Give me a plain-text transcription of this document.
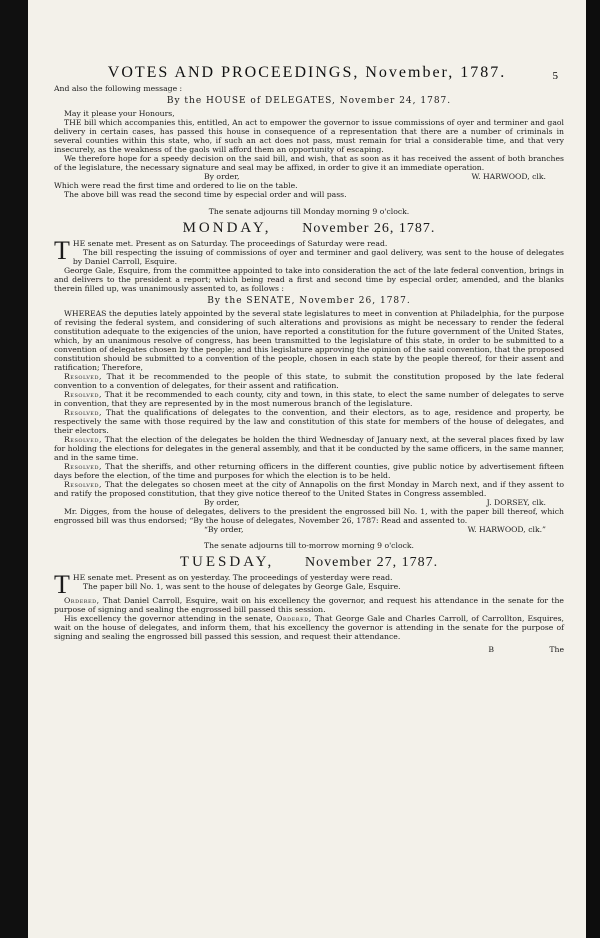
VOTES AND PROCEEDINGS, November, 1787.	5

And also the following message :

By the HOUSE of DELEGATES, November 24, 1787.

May it please your Honours,

THE bill which accompanies this, entitled, An act to empower the governor to issue commissions of oyer and terminer and gaol delivery in certain cases, has passed this house in consequence of a representation that there are a number of criminals in several counties within this state, who, if such an act does not pass, must remain for trial a considerable time, and that very insecurely, as the weakness of the gaols will afford them an opportunity of escaping.

We therefore hope for a speedy decision on the said bill, and wish, that as soon as it has received the assent of both branches of the legislature, the necessary signature and seal may be affixed, in order to give it an immediate operation.

By order,	W. HARWOOD, clk.

Which were read the first time and ordered to lie on the table.

The above bill was read the second time by especial order and will pass.

The senate adjourns till Monday morning 9 o'clock.

MONDAY, November 26, 1787.

THE senate met. Present as on Saturday. The proceedings of Saturday were read.

The bill respecting the issuing of commissions of oyer and terminer and gaol delivery, was sent to the house of delegates by Daniel Carroll, Esquire.

George Gale, Esquire, from the committee appointed to take into consideration the act of the late federal convention, brings in and delivers to the president a report; which being read a first and second time by especial order, amended, and the blanks therein filled up, was unanimously assented to, as follows :

By the SENATE, November 26, 1787.

WHEREAS the deputies lately appointed by the several state legislatures to meet in convention at Philadelphia, for the purpose of revising the federal system, and considering of such alterations and provisions as might be necessary to render the federal constitution adequate to the exigencies of the union, have reported a constitution for the future government of the United States, which, by an unanimous resolve of congress, has been transmitted to the legislature of this state, in order to be submitted to a convention of delegates chosen by the people; and this legislature approving the opinion of the said convention, that the proposed constitution should be submitted to a convention of the people, chosen in each state by the people thereof, for their assent and ratification; Therefore,

Resolved, That it be recommended to the people of this state, to submit the constitution proposed by the late federal convention to a convention of delegates, for their assent and ratification.

Resolved, That it be recommended to each county, city and town, in this state, to elect the same number of delegates to serve in convention, that they are represented by in the most numerous branch of the legislature.

Resolved, That the qualifications of delegates to the convention, and their electors, as to age, residence and property, be respectively the same with those required by the law and constitution of this state for members of the house of delegates, and their electors.

Resolved, That the election of the delegates be holden the third Wednesday of January next, at the several places fixed by law for holding the elections for delegates in the general assembly, and that it be conducted by the same officers, in the same manner, and in the same time.

Resolved, That the sheriffs, and other returning officers in the different counties, give public notice by advertisement fifteen days before the election, of the time and purposes for which the election is to be held.

Resolved, That the delegates so chosen meet at the city of Annapolis on the first Monday in March next, and if they assent to and ratify the proposed constitution, that they give notice thereof to the United States in Congress assembled.

By order,	J. DORSEY, clk.

Mr. Digges, from the house of delegates, delivers to the president the engrossed bill No. 1, with the paper bill thereof, which engrossed bill was thus endorsed; “By the house of delegates, November 26, 1787: Read and assented to.

“By order,	W. HARWOOD, clk.”

The senate adjourns till to-morrow morning 9 o'clock.

TUESDAY, November 27, 1787.

THE senate met. Present as on yesterday. The proceedings of yesterday were read.

The paper bill No. 1, was sent to the house of delegates by George Gale, Esquire.

Ordered, That Daniel Carroll, Esquire, wait on his excellency the governor, and request his attendance in the senate for the purpose of signing and sealing the engrossed bill passed this session.

His excellency the governor attending in the senate, Ordered, That George Gale and Charles Carroll, of Carrollton, Esquires, wait on the house of delegates, and inform them, that his excellency the governor is attending in the senate for the purpose of signing and sealing the engrossed bill passed this session, and request their attendance.

B	The
